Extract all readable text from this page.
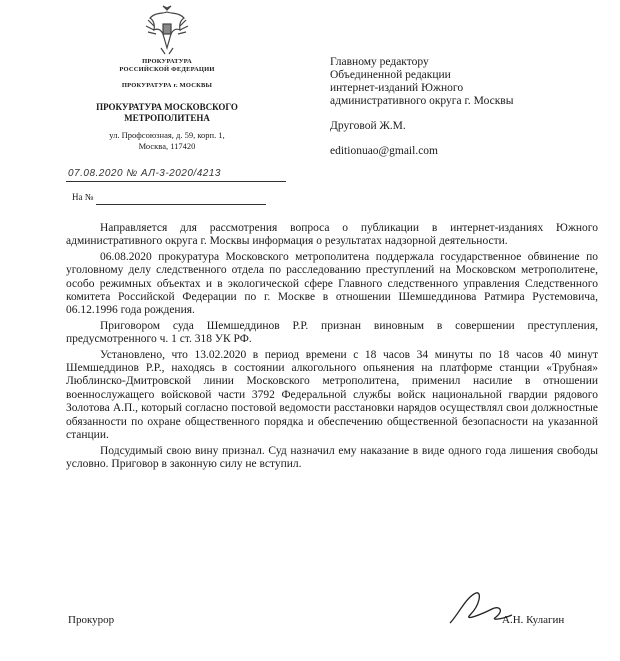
ПРОКУРАТУРА
РОССИЙСКОЙ ФЕДЕРАЦИИ
ПРОКУРАТУРА г. МОСКВЫ
ПРОКУРАТУРА МОСКОВСКОГО
МЕТРОПОЛИТЕНА
ул. Профсоюзная, д. 59, корп. 1,
Москва, 117420
07.08.2020 № АЛ-3-2020/4213
На №
Главному редактору
Объединенной редакции
интернет-изданий Южного
административного округа г. Москвы
Друговой Ж.М.
editionuao@gmail.com

Направляется для рассмотрения вопроса о публикации в интернет-изданиях Южного административного округа г. Москвы информация о результатах надзорной деятельности.

06.08.2020 прокуратура Московского метрополитена поддержала государственное обвинение по уголовному делу следственного отдела по расследованию преступлений на Московском метрополитене, особо режимных объектах и в экологической сфере Главного следственного управления Следственного комитета Российской Федерации по г. Москве в отношении Шемшеддинова Ратмира Рустемовича, 06.12.1996 года рождения.

Приговором суда Шемшеддинов Р.Р. признан виновным в совершении преступления, предусмотренного ч. 1 ст. 318 УК РФ.

Установлено, что 13.02.2020 в период времени с 18 часов 34 минуты по 18 часов 40 минут Шемшеддинов Р.Р., находясь в состоянии алкогольного опьянения на платформе станции «Трубная» Люблинско-Дмитровской линии Московского метрополитена, применил насилие в отношении военнослужащего войсковой части 3792 Федеральной службы войск национальной гвардии рядового Золотова А.П., который согласно постовой ведомости расстановки нарядов осуществлял свои должностные обязанности по охране общественного порядка и обеспечению общественной безопасности на указанной станции.

Подсудимый свою вину признал. Суд назначил ему наказание в виде одного года лишения свободы условно. Приговор в законную силу не вступил.

Прокурор	А.Н. Кулагин
